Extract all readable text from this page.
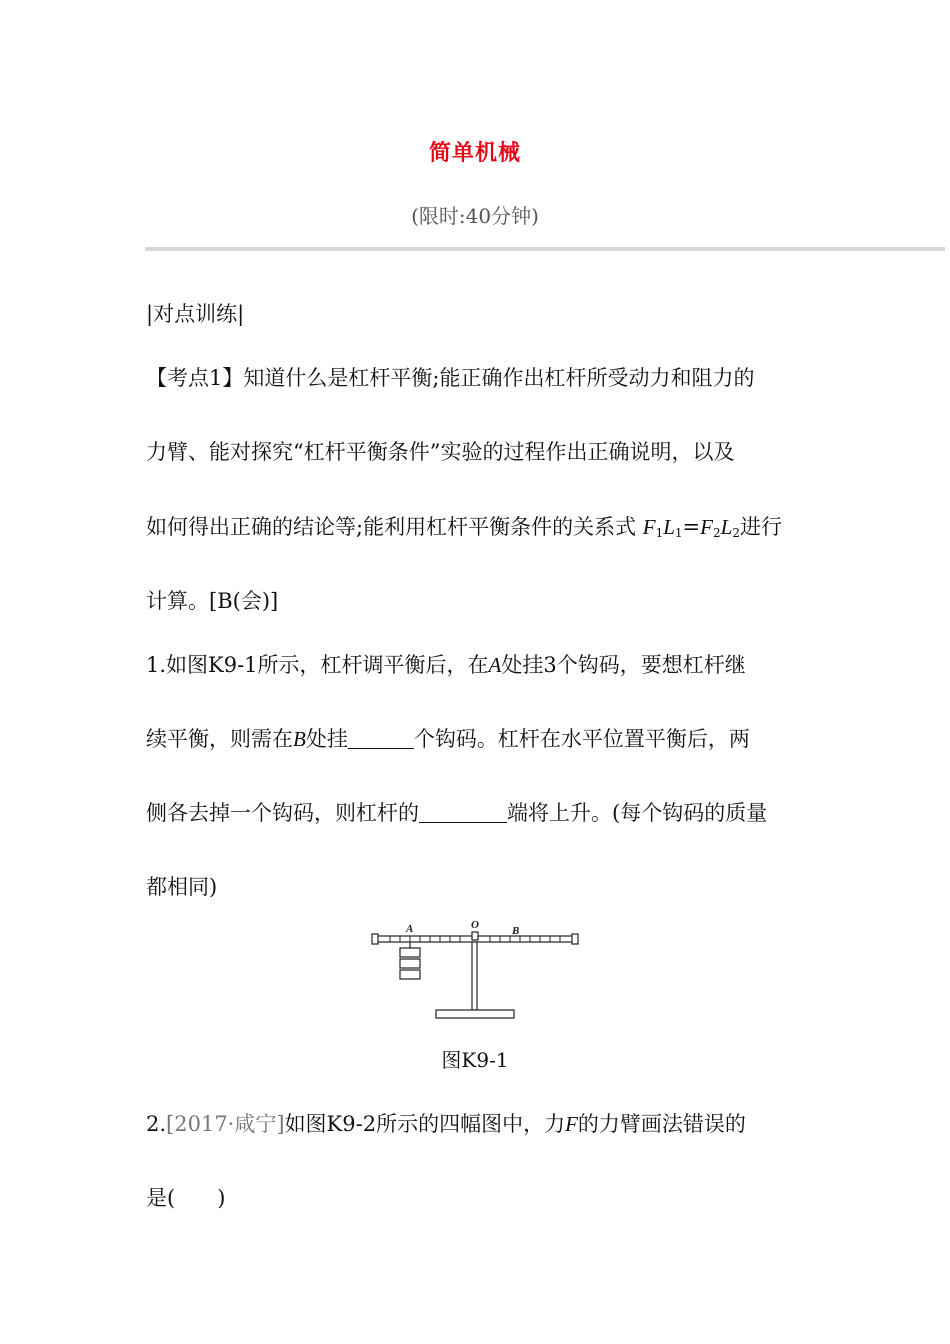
简单机械
(限时:40分钟)
|对点训练|
【考点1】知道什么是杠杆平衡;能正确作出杠杆所受动力和阻力的
力臂、能对探究“杠杆平衡条件”实验的过程作出正确说明，以及
如何得出正确的结论等;能利用杠杆平衡条件的关系式 $F_1L_1=F_2L_2$进行
计算。[B(会)]
1.如图K9-1所示，杠杆调平衡后，在A处挂3个钩码，要想杠杆继
续平衡，则需在B处挂	个钩码。杠杆在水平位置平衡后，两
侧各去掉一个钩码，则杠杆的	端将上升。(每个钩码的质量
都相同)
A	O	B
图K9-1
2.[2017·咸宁]如图K9-2所示的四幅图中，力F的力臂画法错误的
是(　　)
